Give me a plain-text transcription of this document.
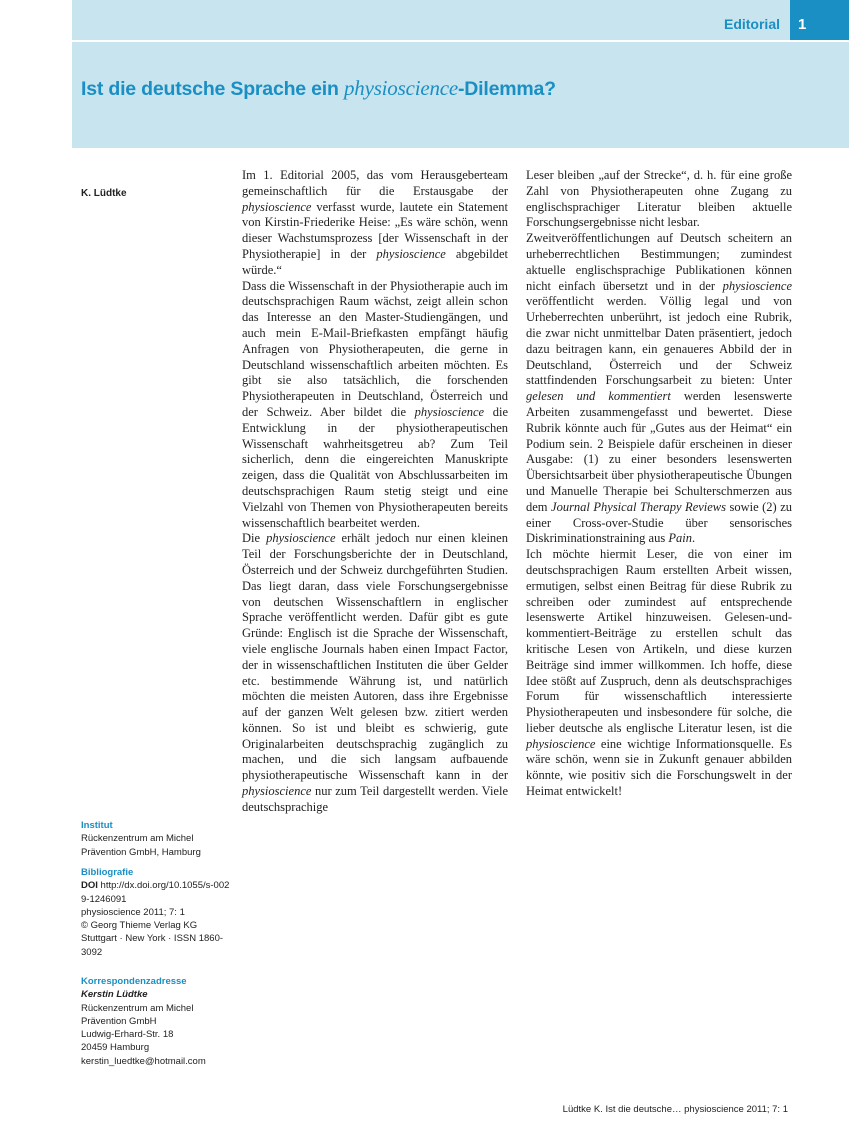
Editorial 1
Ist die deutsche Sprache ein physioscience-Dilemma?
K. Lüdtke

Im 1. Editorial 2005, das vom Herausgeberteam gemeinschaftlich für die Erstausgabe der physioscience verfasst wurde, lautete ein Statement von Kirstin-Friederike Heise: „Es wäre schön, wenn dieser Wachstumsprozess [der Wissenschaft in der Physiotherapie] in der physioscience abgebildet würde.“

Dass die Wissenschaft in der Physiotherapie auch im deutschsprachigen Raum wächst, zeigt allein schon das Interesse an den Master-Studiengängen, und auch mein E-Mail-Briefkasten empfängt häufig Anfragen von Physiotherapeuten, die gerne in Deutschland wissenschaftlich arbeiten möchten. Es gibt sie also tatsächlich, die forschenden Physiotherapeuten in Deutschland, Österreich und der Schweiz. Aber bildet die physioscience die Entwicklung in der physiotherapeutischen Wissenschaft wahrheitsgetreu ab? Zum Teil sicherlich, denn die eingereichten Manuskripte zeigen, dass die Qualität von Abschlussarbeiten im deutschsprachigen Raum stetig steigt und eine Vielzahl von Themen von Physiotherapeuten bereits wissenschaftlich bearbeitet werden.

Die physioscience erhält jedoch nur einen kleinen Teil der Forschungsberichte der in Deutschland, Österreich und der Schweiz durchgeführten Studien. Das liegt daran, dass viele Forschungsergebnisse von deutschen Wissenschaftlern in englischer Sprache veröffentlicht werden. Dafür gibt es gute Gründe: Englisch ist die Sprache der Wissenschaft, viele englische Journals haben einen Impact Factor, der in wissenschaftlichen Instituten die über Gelder etc. bestimmende Währung ist, und natürlich möchten die meisten Autoren, dass ihre Ergebnisse auf der ganzen Welt gelesen bzw. zitiert werden können. So ist und bleibt es schwierig, gute Originalarbeiten deutschsprachig zugänglich zu machen, und die sich langsam aufbauende physiotherapeutische Wissenschaft kann in der physioscience nur zum Teil dargestellt werden. Viele deutschsprachige

Leser bleiben „auf der Strecke“, d. h. für eine große Zahl von Physiotherapeuten ohne Zugang zu englischsprachiger Literatur bleiben aktuelle Forschungsergebnisse nicht lesbar.

Zweitveröffentlichungen auf Deutsch scheitern an urheberrechtlichen Bestimmungen; zumindest aktuelle englischsprachige Publikationen können nicht einfach übersetzt und in der physioscience veröffentlicht werden. Völlig legal und von Urheberrechten unberührt, ist jedoch eine Rubrik, die zwar nicht unmittelbar Daten präsentiert, jedoch dazu beitragen kann, ein genaueres Abbild der in Deutschland, Österreich und der Schweiz stattfindenden Forschungsarbeit zu bieten: Unter gelesen und kommentiert werden lesenswerte Arbeiten zusammengefasst und bewertet. Diese Rubrik könnte auch für „Gutes aus der Heimat“ ein Podium sein. 2 Beispiele dafür erscheinen in dieser Ausgabe: (1) zu einer besonders lesenswerten Übersichtsarbeit über physiotherapeutische Übungen und Manuelle Therapie bei Schulterschmerzen aus dem Journal Physical Therapy Reviews sowie (2) zu einer Cross-over-Studie über sensorisches Diskriminationstraining aus Pain.

Ich möchte hiermit Leser, die von einer im deutschsprachigen Raum erstellten Arbeit wissen, ermutigen, selbst einen Beitrag für diese Rubrik zu schreiben oder zumindest auf entsprechende lesenswerte Artikel hinzuweisen. Gelesen-und-kommentiert-Beiträge zu erstellen schult das kritische Lesen von Artikeln, und diese kurzen Beiträge sind immer willkommen. Ich hoffe, diese Idee stößt auf Zuspruch, denn als deutschsprachiges Forum für wissenschaftlich interessierte Physiotherapeuten und insbesondere für solche, die lieber deutsche als englische Literatur lesen, ist die physioscience eine wichtige Informationsquelle. Es wäre schön, wenn sie in Zukunft genauer abbilden könnte, wie positiv sich die Forschungswelt in der Heimat entwickelt!

Institut
Rückenzentrum am Michel Prävention GmbH, Hamburg
Bibliografie
DOI http://dx.doi.org/10.1055/s-0029-1246091
physioscience 2011; 7: 1
© Georg Thieme Verlag KG Stuttgart · New York · ISSN 1860-3092
Korrespondenzadresse
Kerstin Lüdtke
Rückenzentrum am Michel
Prävention GmbH
Ludwig-Erhard-Str. 18
20459 Hamburg
kerstin_luedtke@hotmail.com
Lüdtke K. Ist die deutsche… physioscience 2011; 7: 1
